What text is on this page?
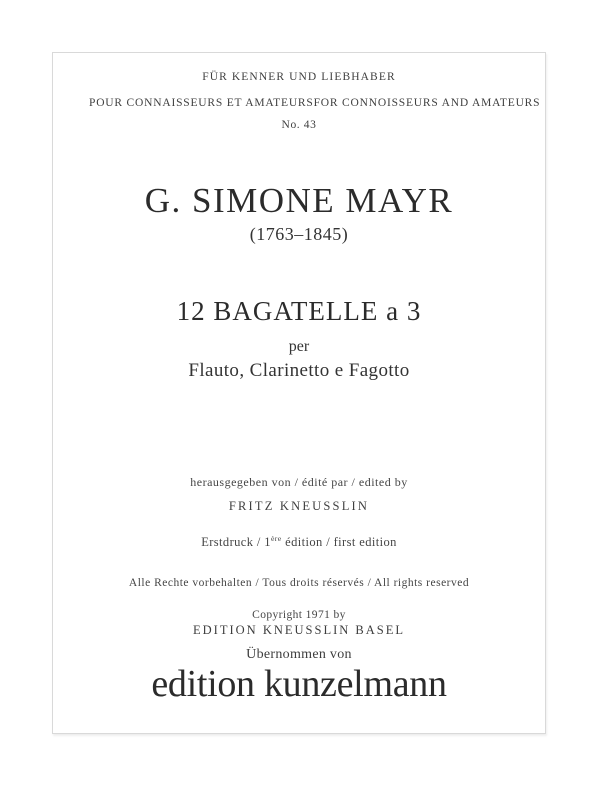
FÜR KENNER UND LIEBHABER
POUR CONNAISSEURS ET AMATEURS FOR CONNOISSEURS AND AMATEURS
No. 43
G. SIMONE MAYR
(1763–1845)
12 BAGATELLE a 3
per
Flauto, Clarinetto e Fagotto
herausgegeben von / édité par / edited by
FRITZ KNEUSSLIN
Erstdruck / 1ère édition / first edition
Alle Rechte vorbehalten / Tous droits réservés / All rights reserved
Copyright 1971 by
EDITION KNEUSSLIN BASEL
Übernommen von
edition kunzelmann
